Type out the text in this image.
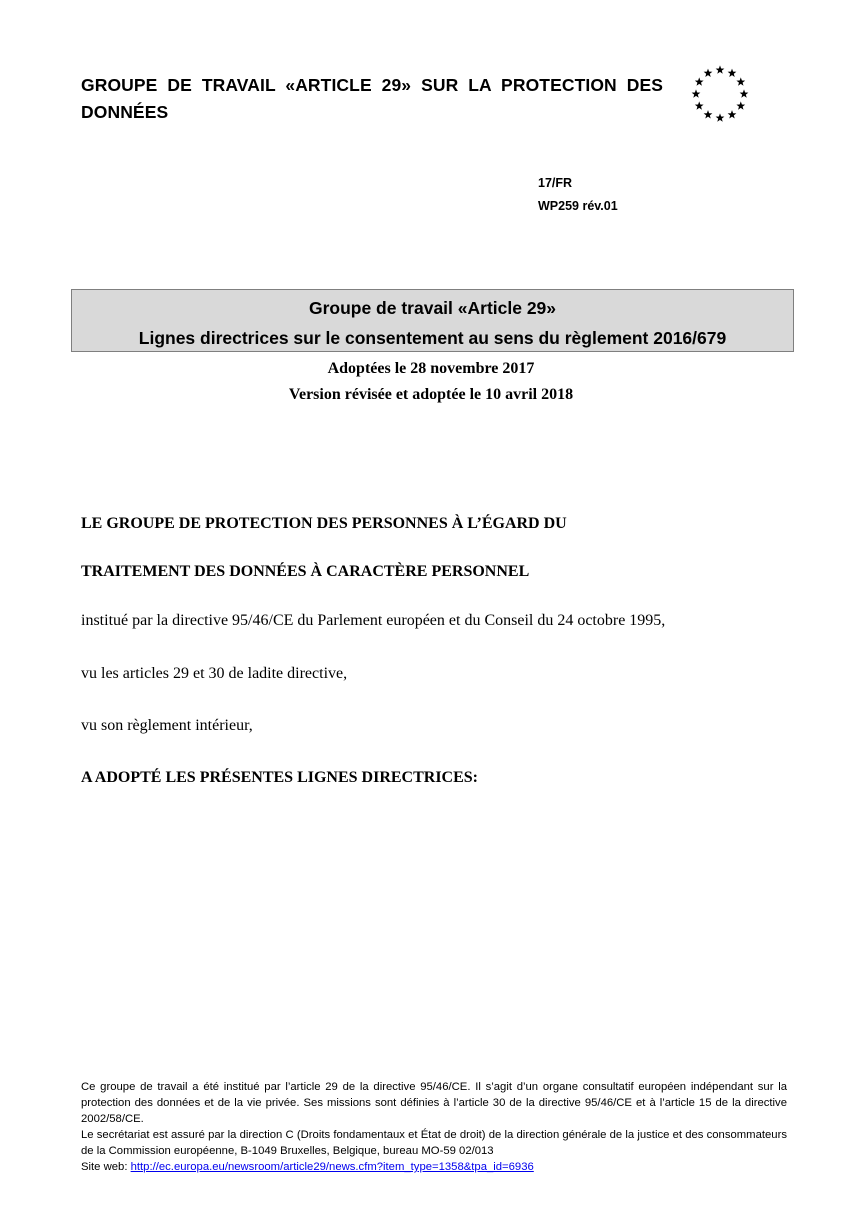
GROUPE DE TRAVAIL «ARTICLE 29» SUR LA PROTECTION DES DONNÉES
17/FR
WP259 rév.01
Groupe de travail «Article 29»
Lignes directrices sur le consentement au sens du règlement 2016/679
Adoptées le 28 novembre 2017
Version révisée et adoptée le 10 avril 2018
LE GROUPE DE PROTECTION DES PERSONNES À L’ÉGARD DU
TRAITEMENT DES DONNÉES À CARACTÈRE PERSONNEL
institué par la directive 95/46/CE du Parlement européen et du Conseil du 24 octobre 1995,
vu les articles 29 et 30 de ladite directive,
vu son règlement intérieur,
A ADOPTÉ LES PRÉSENTES LIGNES DIRECTRICES:

Ce groupe de travail a été institué par l’article 29 de la directive 95/46/CE. Il s’agit d’un organe consultatif européen indépendant sur la protection des données et de la vie privée. Ses missions sont définies à l’article 30 de la directive 95/46/CE et à l’article 15 de la directive 2002/58/CE.

Le secrétariat est assuré par la direction C (Droits fondamentaux et État de droit) de la direction générale de la justice et des consommateurs de la Commission européenne, B-1049 Bruxelles, Belgique, bureau MO-59 02/013

Site web: http://ec.europa.eu/newsroom/article29/news.cfm?item_type=1358&tpa_id=6936
